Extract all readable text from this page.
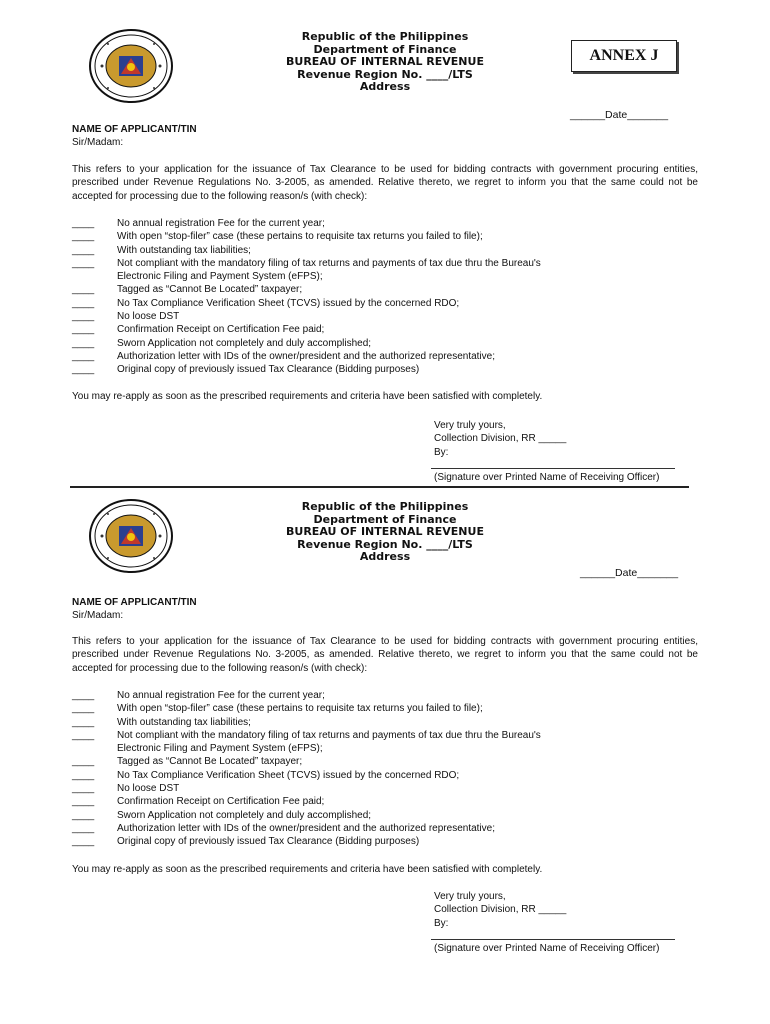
Republic of the Philippines
Department of Finance
BUREAU OF INTERNAL REVENUE
Revenue Region No. ____/LTS
Address
ANNEX J
______Date_______
NAME OF APPLICANT/TIN
Sir/Madam:
This refers to your application for the issuance of Tax Clearance to be used for bidding contracts with government procuring entities, prescribed under Revenue Regulations No. 3-2005, as amended. Relative thereto, we regret to inform you that the same could not be accepted for processing due to the following reason/s (with check):
____	No annual registration Fee for the current year;
____	With open “stop-filer” case (these pertains to requisite tax returns you failed to file);
____	With outstanding tax liabilities;
____	Not compliant with the mandatory filing of tax returns and payments of tax due thru the Bureau's
Electronic Filing and Payment System (eFPS);
____	Tagged as “Cannot Be Located” taxpayer;
____	No Tax Compliance Verification Sheet (TCVS) issued by the concerned RDO;
____	No loose DST
____	Confirmation Receipt on Certification Fee paid;
____	Sworn Application not completely and duly accomplished;
____	Authorization letter with IDs of the owner/president and the authorized representative;
____	Original copy of previously issued Tax Clearance (Bidding purposes)
You may re-apply as soon as the prescribed requirements and criteria have been satisfied with completely.
Very truly yours,
Collection Division, RR _____
By:
(Signature over Printed Name of Receiving Officer)
Republic of the Philippines
Department of Finance
BUREAU OF INTERNAL REVENUE
Revenue Region No. ____/LTS
Address
______Date_______
NAME OF APPLICANT/TIN
Sir/Madam:
This refers to your application for the issuance of Tax Clearance to be used for bidding contracts with government procuring entities, prescribed under Revenue Regulations No. 3-2005, as amended. Relative thereto, we regret to inform you that the same could not be accepted for processing due to the following reason/s (with check):
____	No annual registration Fee for the current year;
____	With open “stop-filer” case (these pertains to requisite tax returns you failed to file);
____	With outstanding tax liabilities;
____	Not compliant with the mandatory filing of tax returns and payments of tax due thru the Bureau's
Electronic Filing and Payment System (eFPS);
____	Tagged as “Cannot Be Located” taxpayer;
____	No Tax Compliance Verification Sheet (TCVS) issued by the concerned RDO;
____	No loose DST
____	Confirmation Receipt on Certification Fee paid;
____	Sworn Application not completely and duly accomplished;
____	Authorization letter with IDs of the owner/president and the authorized representative;
____	Original copy of previously issued Tax Clearance (Bidding purposes)
You may re-apply as soon as the prescribed requirements and criteria have been satisfied with completely.
Very truly yours,
Collection Division, RR _____
By:
(Signature over Printed Name of Receiving Officer)
